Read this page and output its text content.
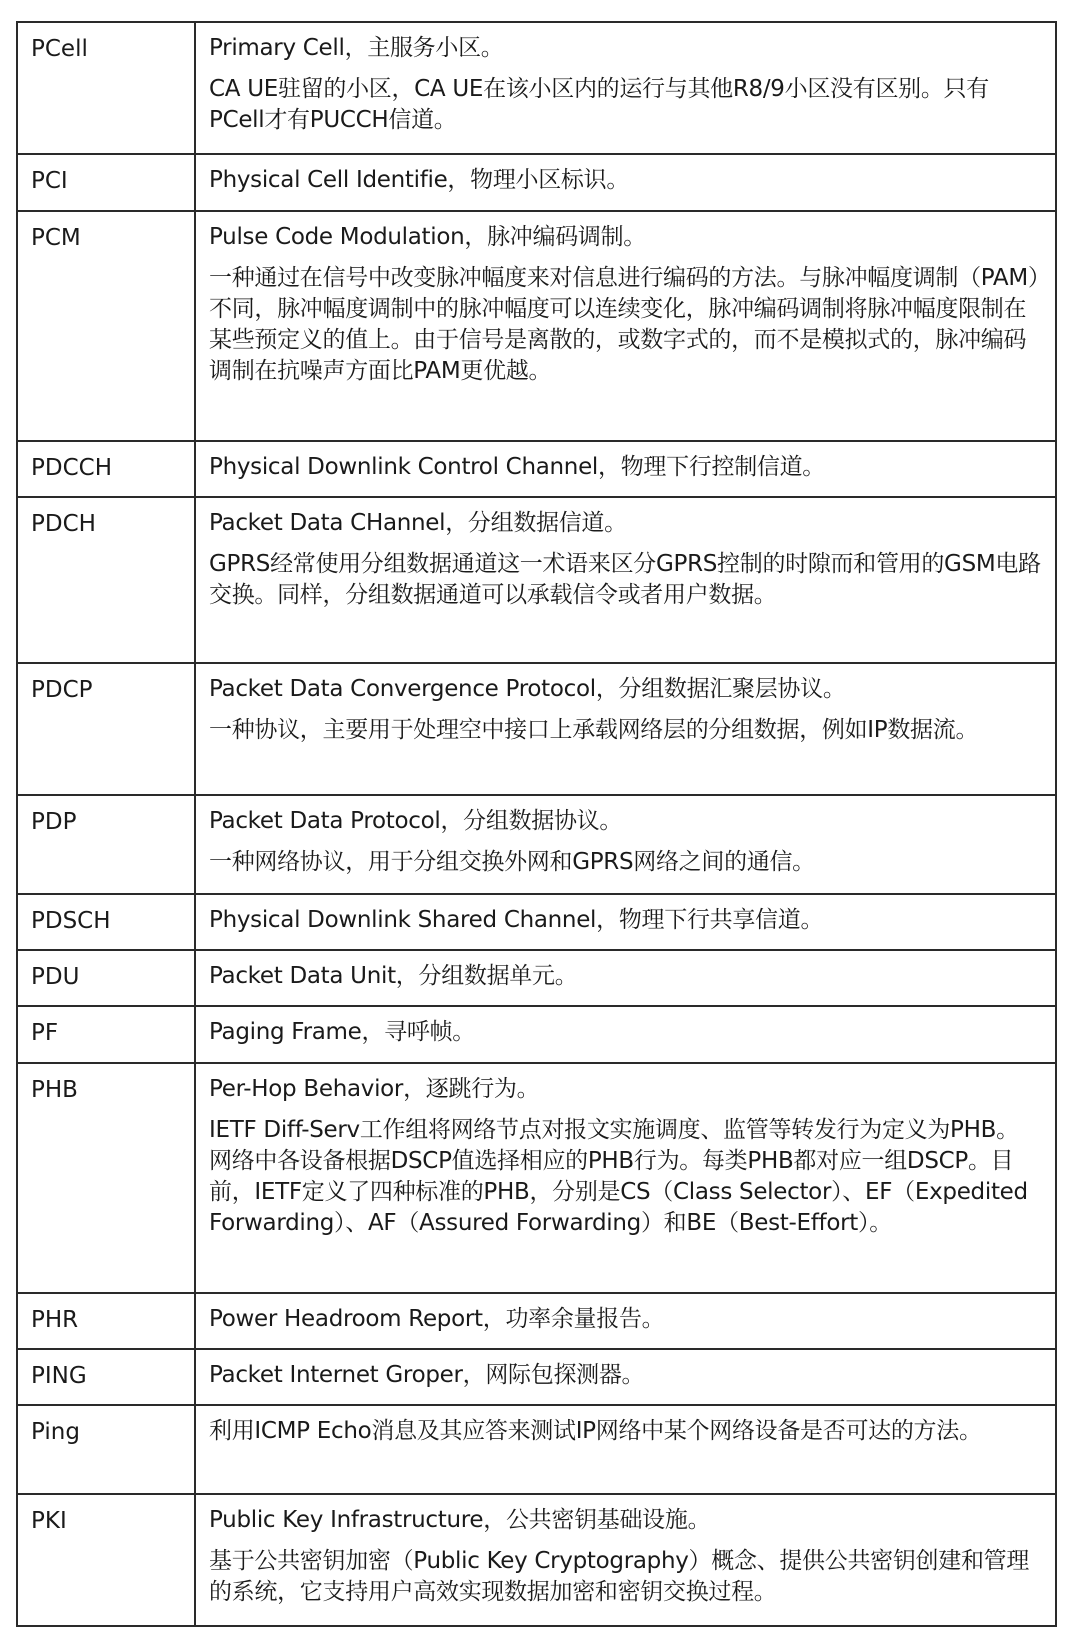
PCell	Primary Cell，主服务小区。

CA UE驻留的小区，CA UE在该小区内的运行与其他R8/9小区没有区别。只有PCell才有PUCCH信道。

PCI	Physical Cell Identifie，物理小区标识。

PCM	Pulse Code Modulation，脉冲编码调制。

一种通过在信号中改变脉冲幅度来对信息进行编码的方法。与脉冲幅度调制（PAM）不同，脉冲幅度调制中的脉冲幅度可以连续变化，脉冲编码调制将脉冲幅度限制在某些预定义的值上。由于信号是离散的，或数字式的，而不是模拟式的，脉冲编码调制在抗噪声方面比PAM更优越。

PDCCH	Physical Downlink Control Channel，物理下行控制信道。

PDCH	Packet Data CHannel，分组数据信道。

GPRS经常使用分组数据通道这一术语来区分GPRS控制的时隙而和管用的GSM电路交换。同样，分组数据通道可以承载信令或者用户数据。

PDCP	Packet Data Convergence Protocol，分组数据汇聚层协议。

一种协议，主要用于处理空中接口上承载网络层的分组数据，例如IP数据流。

PDP	Packet Data Protocol，分组数据协议。

一种网络协议，用于分组交换外网和GPRS网络之间的通信。

PDSCH	Physical Downlink Shared Channel，物理下行共享信道。

PDU	Packet Data Unit，分组数据单元。

PF	Paging Frame，寻呼帧。

PHB	Per-Hop Behavior，逐跳行为。

IETF Diff-Serv工作组将网络节点对报文实施调度、监管等转发行为定义为PHB。网络中各设备根据DSCP值选择相应的PHB行为。每类PHB都对应一组DSCP。目前，IETF定义了四种标准的PHB，分别是CS（Class Selector）、EF（Expedited Forwarding）、AF（Assured Forwarding）和BE（Best-Effort）。

PHR	Power Headroom Report，功率余量报告。

PING	Packet Internet Groper，网际包探测器。

Ping	利用ICMP Echo消息及其应答来测试IP网络中某个网络设备是否可达的方法。

PKI	Public Key Infrastructure，公共密钥基础设施。

基于公共密钥加密（Public Key Cryptography）概念、提供公共密钥创建和管理的系统，它支持用户高效实现数据加密和密钥交换过程。
